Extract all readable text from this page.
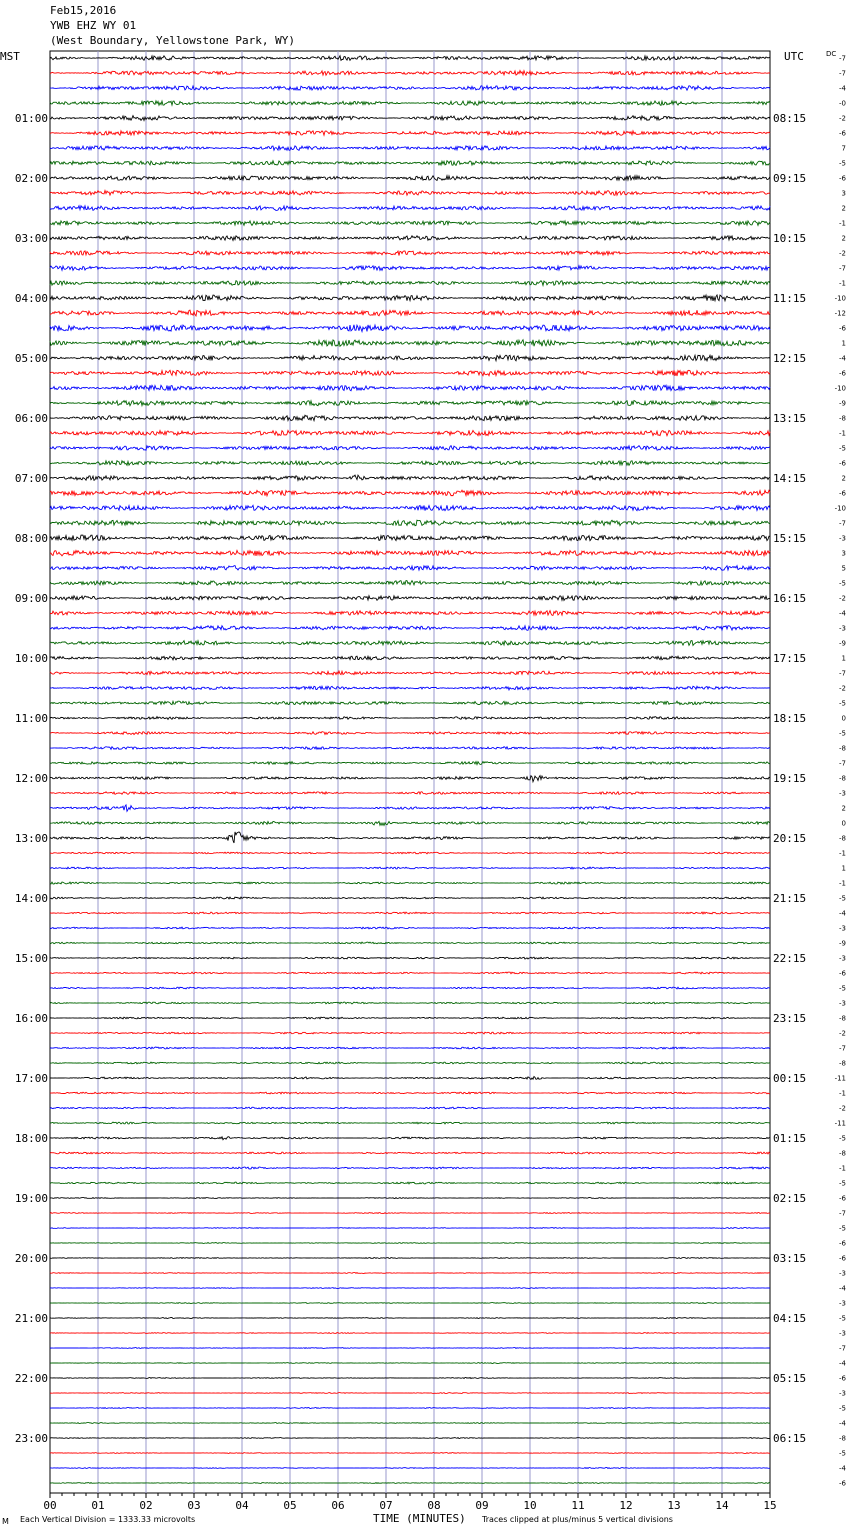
Feb15,2016
YWB EHZ WY 01
(West Boundary, Yellowstone Park, WY)
MST	UTC	DC
00	01	02	03	04	05	06	07	08	09	10	11	12	13	14	15
-7
-7
-4
-0
-2
-6
7
-5
-6
3
2
-1
2
-2
-7
-1
-10
-12
-6
1
-4
-6
-10
-9
-8
-1
-5
-6
2
-6
-10
-7
-3
3
5
-5
-2
-4
-3
-9
1
-7
-2
-5
0
-5
-8
-7
-8
-3
2
0
-8
-1
1
-1
-5
-4
-3
-9
-3
-6
-5
-3
-8
-2
-7
-8
-11
-1
-2
-11
-5
-8
-1
-5
-6
-7
-5
-6
-6
-3
-4
-3
-5
-3
-7
-4
-6
-3
-5
-4
-8
-5
-4
-6
01:00
02:00
03:00
04:00
05:00
06:00
07:00
08:00
09:00
10:00
11:00
12:00
13:00
14:00
15:00
16:00
17:00
18:00
19:00
20:00
21:00
22:00
23:00
08:15
09:15
10:15
11:15
12:15
13:15
14:15
15:15
16:15
17:15
18:15
19:15
20:15
21:15
22:15
23:15
00:15
01:15
02:15
03:15
04:15
05:15
06:15
M Each Vertical Division = 1333.33 microvolts	TIME (MINUTES) Traces clipped at plus/minus 5 vertical divisions
